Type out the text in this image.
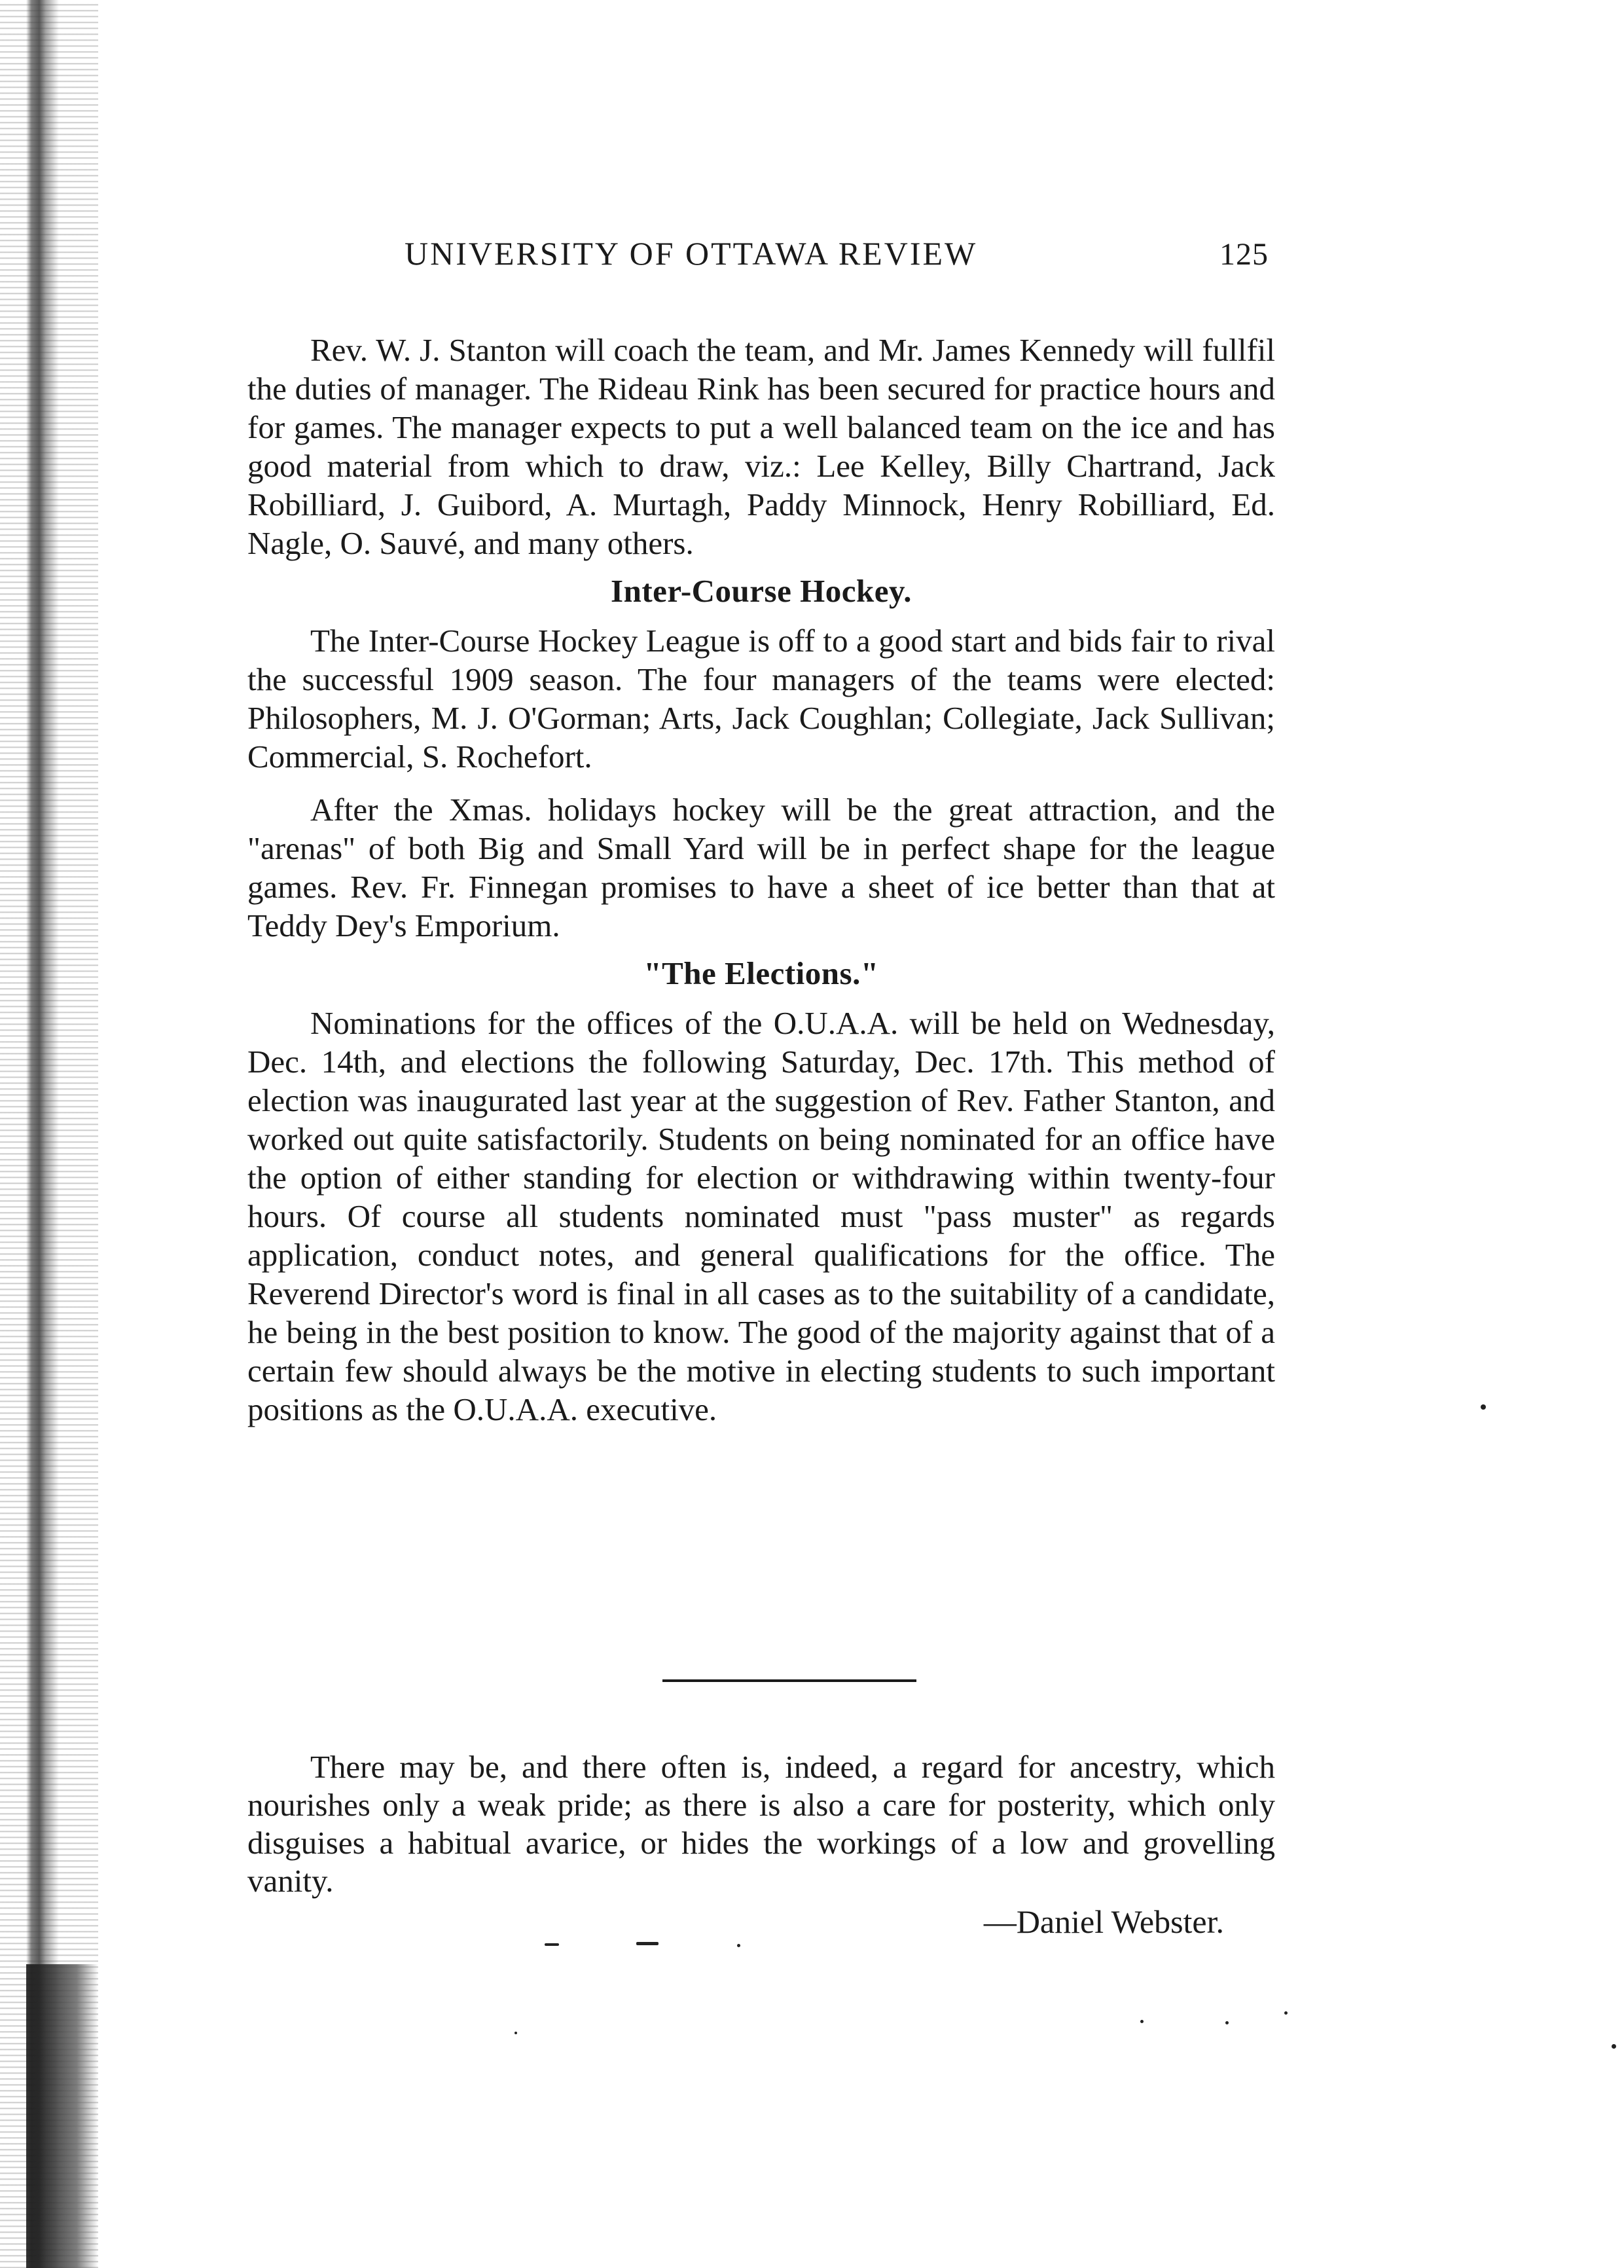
UNIVERSITY OF OTTAWA REVIEW	125

Rev. W. J. Stanton will coach the team, and Mr. James Kennedy will fullfil the duties of manager. The Rideau Rink has been secured for practice hours and for games. The manager expects to put a well balanced team on the ice and has good material from which to draw, viz.: Lee Kelley, Billy Chartrand, Jack Robilliard, J. Guibord, A. Murtagh, Paddy Minnock, Henry Robilliard, Ed. Nagle, O. Sauvé, and many others.

Inter-Course Hockey.

The Inter-Course Hockey League is off to a good start and bids fair to rival the successful 1909 season. The four managers of the teams were elected: Philosophers, M. J. O'Gorman; Arts, Jack Coughlan; Collegiate, Jack Sullivan; Commercial, S. Rochefort.

After the Xmas. holidays hockey will be the great attraction, and the "arenas" of both Big and Small Yard will be in perfect shape for the league games. Rev. Fr. Finnegan promises to have a sheet of ice better than that at Teddy Dey's Emporium.

"The Elections."

Nominations for the offices of the O.U.A.A. will be held on Wednesday, Dec. 14th, and elections the following Saturday, Dec. 17th. This method of election was inaugurated last year at the suggestion of Rev. Father Stanton, and worked out quite satisfactorily. Students on being nominated for an office have the option of either standing for election or withdrawing within twenty-four hours. Of course all students nominated must "pass muster" as regards application, conduct notes, and general qualifications for the office. The Reverend Director's word is final in all cases as to the suitability of a candidate, he being in the best position to know. The good of the majority against that of a certain few should always be the motive in electing students to such important positions as the O.U.A.A. executive.

There may be, and there often is, indeed, a regard for ancestry, which nourishes only a weak pride; as there is also a care for posterity, which only disguises a habitual avarice, or hides the workings of a low and grovelling vanity.

—Daniel Webster.
